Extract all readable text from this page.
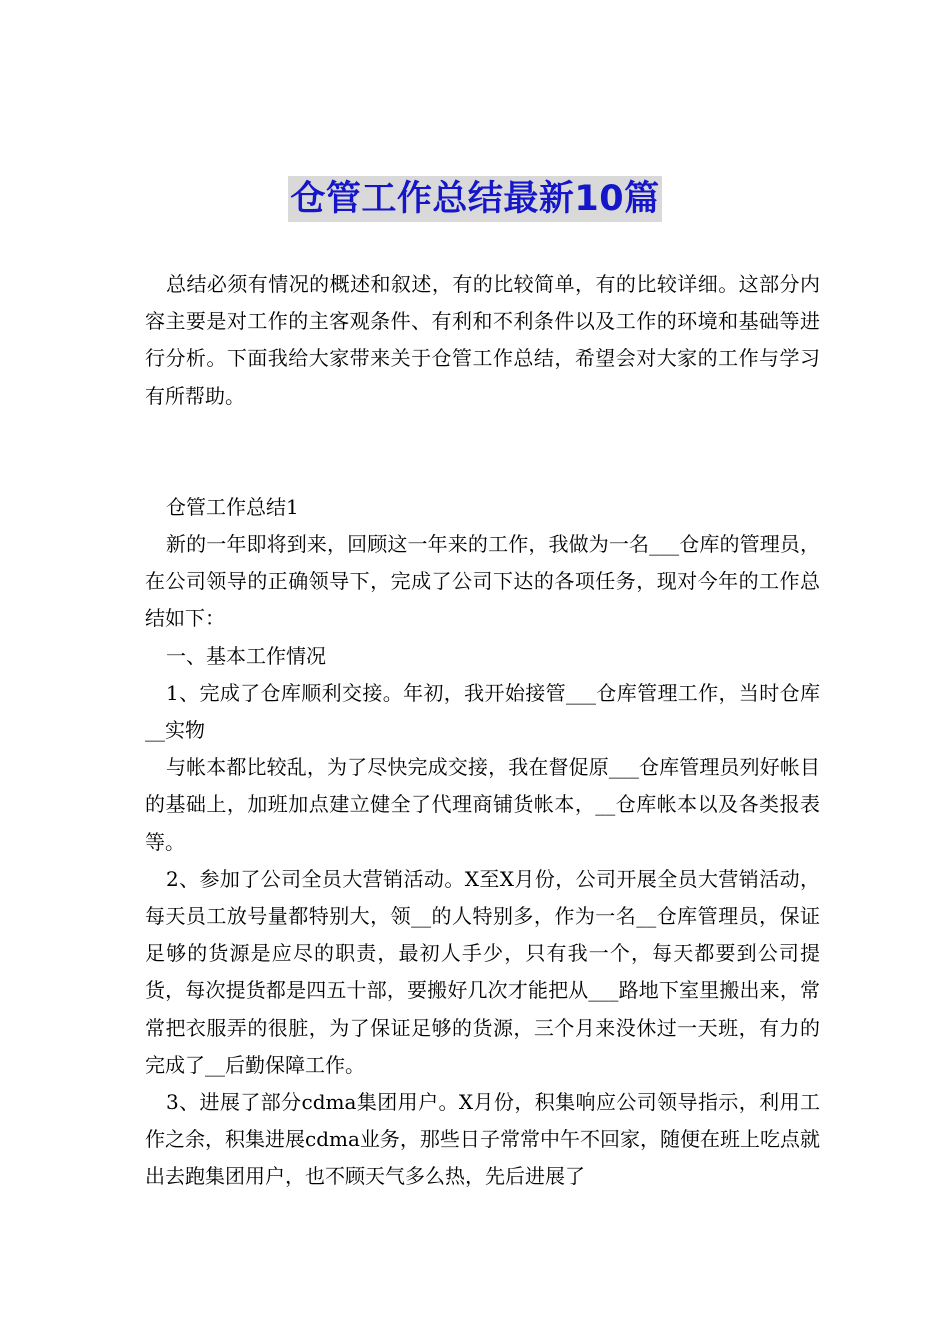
仓管工作总结最新10篇

总结必须有情况的概述和叙述，有的比较简单，有的比较详细。这部分内容主要是对工作的主客观条件、有利和不利条件以及工作的环境和基础等进行分析。下面我给大家带来关于仓管工作总结，希望会对大家的工作与学习有所帮助。

仓管工作总结1

新的一年即将到来，回顾这一年来的工作，我做为一名___仓库的管理员，在公司领导的正确领导下，完成了公司下达的各项任务，现对今年的工作总结如下：

一、基本工作情况

1、完成了仓库顺利交接。年初，我开始接管___仓库管理工作，当时仓库__实物

与帐本都比较乱，为了尽快完成交接，我在督促原___仓库管理员列好帐目的基础上，加班加点建立健全了代理商铺货帐本，__仓库帐本以及各类报表等。

2、参加了公司全员大营销活动。X至X月份，公司开展全员大营销活动，每天员工放号量都特别大，领__的人特别多，作为一名__仓库管理员，保证足够的货源是应尽的职责，最初人手少，只有我一个，每天都要到公司提货，每次提货都是四五十部，要搬好几次才能把从___路地下室里搬出来，常常把衣服弄的很脏，为了保证足够的货源，三个月来没休过一天班，有力的完成了__后勤保障工作。

3、进展了部分cdma集团用户。X月份，积集响应公司领导指示，利用工作之余，积集进展cdma业务，那些日子常常中午不回家，随便在班上吃点就出去跑集团用户，也不顾天气多么热，先后进展了
